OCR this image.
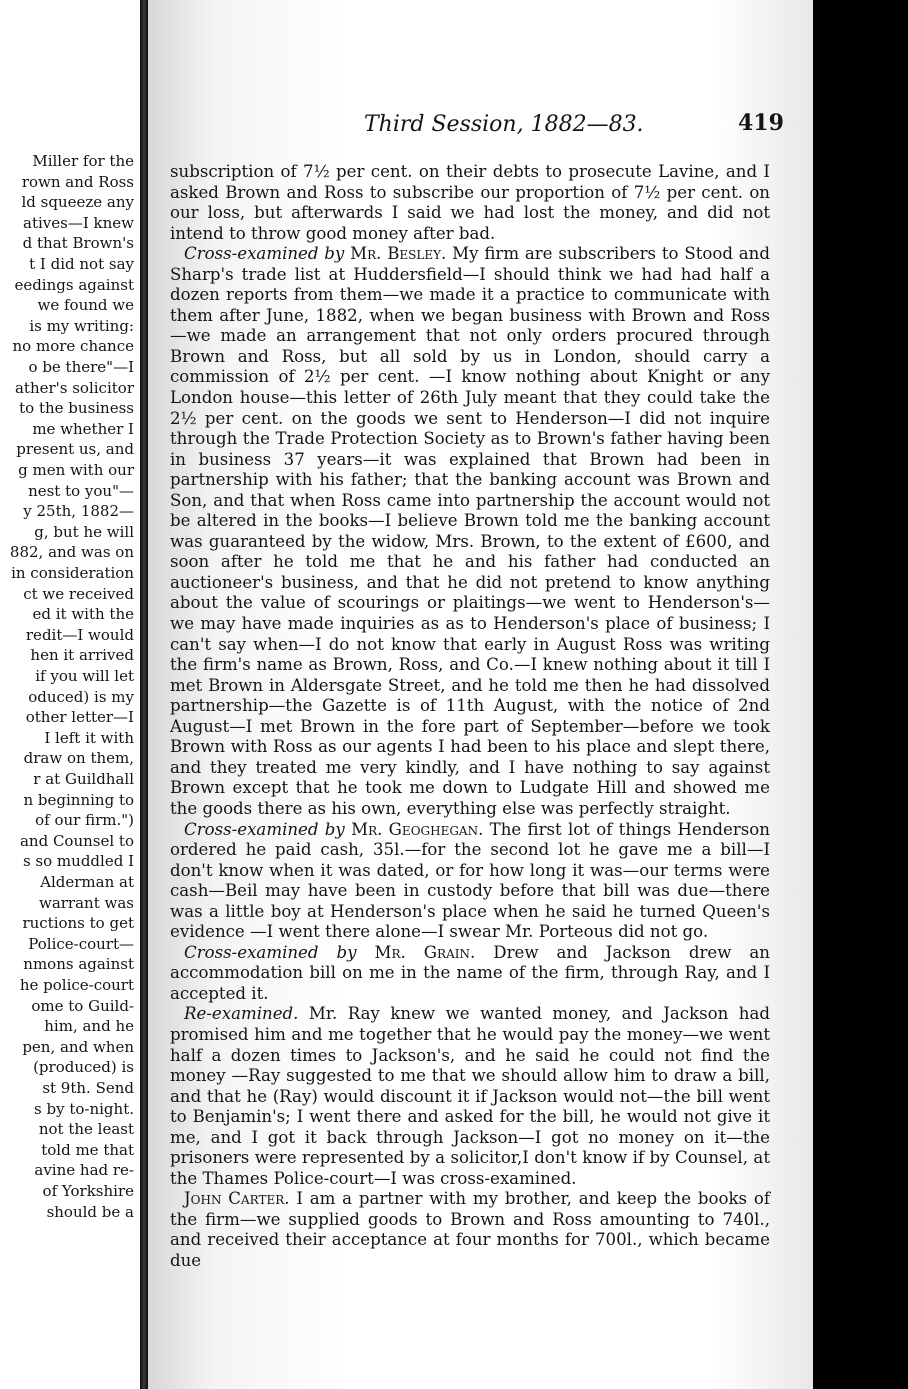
Miller for the
rown and Ross
ld squeeze any
atives—I knew
d that Brown's
t I did not say
eedings against
we found we
is my writing:
no more chance
o be there"—I
ather's solicitor
to the business
me whether I
present us, and
g men with our
nest to you"—
y 25th, 1882—
g, but he will
882, and was on
in consideration
ct we received
ed it with the
redit—I would
hen it arrived
if you will let
oduced) is my
other letter—I
I left it with
draw on them,
r at Guildhall
n beginning to
of our firm.")
and Counsel to
s so muddled I
Alderman at
warrant was
ructions to get
Police-court—
nmons against
he police-court
ome to Guild-
him, and he
pen, and when
(produced) is
st 9th. Send
s by to-night.
not the least
told me that
avine had re-
of Yorkshire
should be a
Third Session, 1882—83.	419

subscription of 7½ per cent. on their debts to prosecute Lavine, and I asked Brown and Ross to subscribe our proportion of 7½ per cent. on our loss, but afterwards I said we had lost the money, and did not intend to throw good money after bad.

Cross-examined by Mr. Besley. My firm are subscribers to Stood and Sharp's trade list at Huddersfield—I should think we had had half a dozen reports from them—we made it a practice to communicate with them after June, 1882, when we began business with Brown and Ross—we made an arrangement that not only orders procured through Brown and Ross, but all sold by us in London, should carry a commission of 2½ per cent. —I know nothing about Knight or any London house—this letter of 26th July meant that they could take the 2½ per cent. on the goods we sent to Henderson—I did not inquire through the Trade Protection Society as to Brown's father having been in business 37 years—it was explained that Brown had been in partnership with his father; that the banking account was Brown and Son, and that when Ross came into partnership the account would not be altered in the books—I believe Brown told me the banking account was guaranteed by the widow, Mrs. Brown, to the extent of £600, and soon after he told me that he and his father had conducted an auctioneer's business, and that he did not pretend to know anything about the value of scourings or plaitings—we went to Henderson's—we may have made inquiries as as to Henderson's place of business; I can't say when—I do not know that early in August Ross was writing the firm's name as Brown, Ross, and Co.—I knew nothing about it till I met Brown in Aldersgate Street, and he told me then he had dissolved partnership—the Gazette is of 11th August, with the notice of 2nd August—I met Brown in the fore part of September—before we took Brown with Ross as our agents I had been to his place and slept there, and they treated me very kindly, and I have nothing to say against Brown except that he took me down to Ludgate Hill and showed me the goods there as his own, everything else was perfectly straight.

Cross-examined by Mr. Geoghegan. The first lot of things Henderson ordered he paid cash, 35l.—for the second lot he gave me a bill—I don't know when it was dated, or for how long it was—our terms were cash—Beil may have been in custody before that bill was due—there was a little boy at Henderson's place when he said he turned Queen's evidence —I went there alone—I swear Mr. Porteous did not go.

Cross-examined by Mr. Grain. Drew and Jackson drew an accommodation bill on me in the name of the firm, through Ray, and I accepted it.

Re-examined. Mr. Ray knew we wanted money, and Jackson had promised him and me together that he would pay the money—we went half a dozen times to Jackson's, and he said he could not find the money —Ray suggested to me that we should allow him to draw a bill, and that he (Ray) would discount it if Jackson would not—the bill went to Benjamin's; I went there and asked for the bill, he would not give it me, and I got it back through Jackson—I got no money on it—the prisoners were represented by a solicitor,I don't know if by Counsel, at the Thames Police-court—I was cross-examined.

John Carter. I am a partner with my brother, and keep the books of the firm—we supplied goods to Brown and Ross amounting to 740l., and received their acceptance at four months for 700l., which became due
